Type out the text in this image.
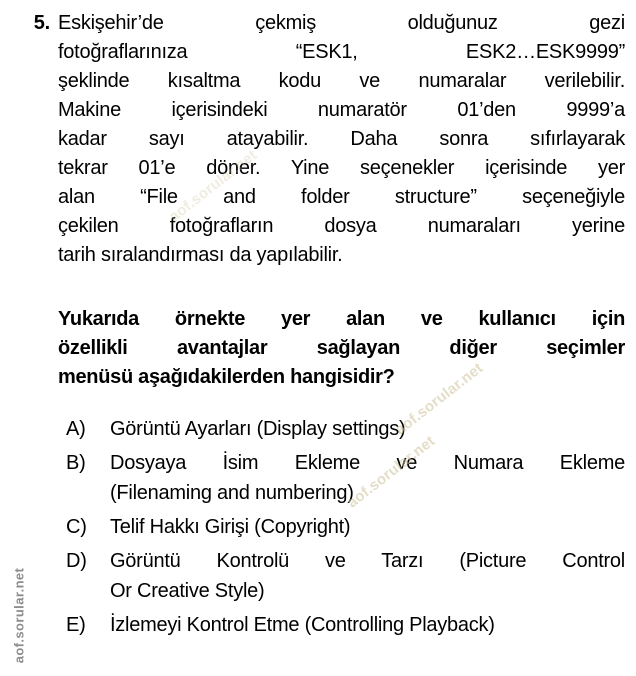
5. Eskişehir’de çekmiş olduğunuz gezi
fotoğraflarınıza “ESK1, ESK2…ESK9999”
şeklinde kısaltma kodu ve numaralar verilebilir.
Makine içerisindeki numaratör 01’den 9999’a
kadar sayı atayabilir. Daha sonra sıfırlayarak
tekrar 01’e döner. Yine seçenekler içerisinde yer
alan “File and folder structure” seçeneğiyle
çekilen fotoğrafların dosya numaraları yerine
tarih sıralandırması da yapılabilir.
Yukarıda örnekte yer alan ve kullanıcı için
özellikli avantajlar sağlayan diğer seçimler
menüsü aşağıdakilerden hangisidir?
A)	Görüntü Ayarları (Display settings)
B)	Dosyaya İsim Ekleme ve Numara Ekleme
(Filenaming and numbering)
C)	Telif Hakkı Girişi (Copyright)
D)	Görüntü Kontrolü ve Tarzı (Picture Control
Or Creative Style)
E)	İzlemeyi Kontrol Etme (Controlling Playback)
aof.sorular.net
aof.sorular.net
aof.sorular.net
aof.sorular.net
